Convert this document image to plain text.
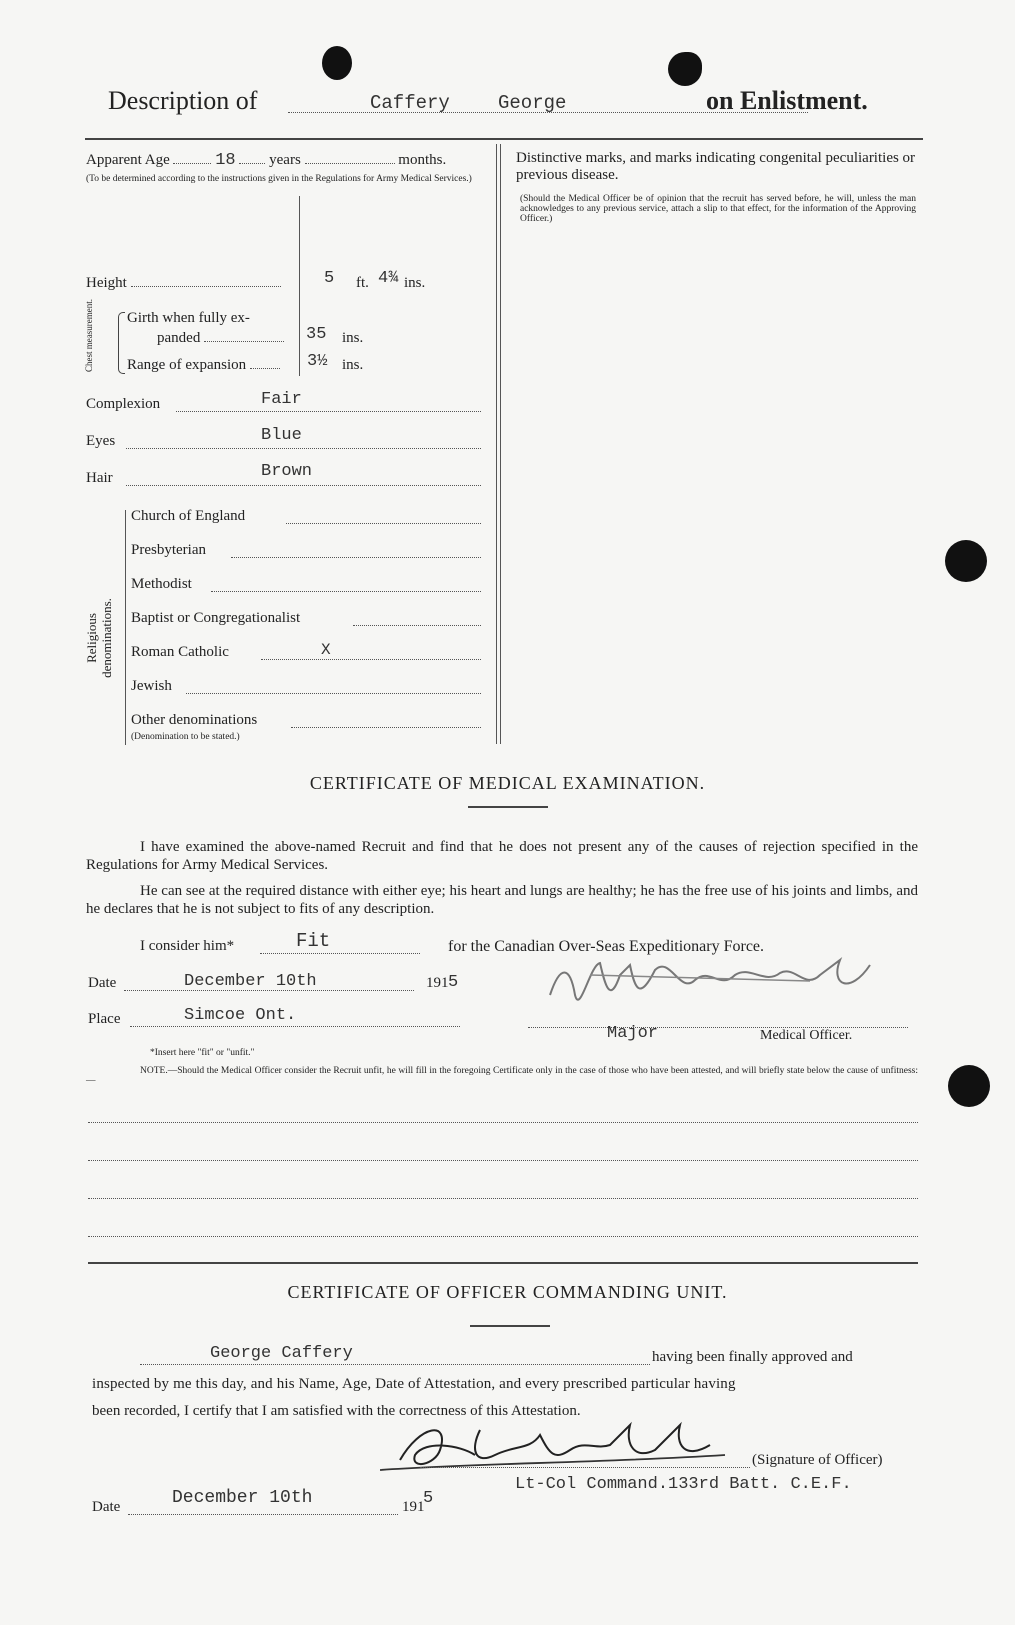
Description of	Caffery	George	on Enlistment.
Apparent Age	18 years	months.
(To be determined according to the instructions given in the Regulations for Army Medical Services.)
Height	5 ft. 4¾ ins.
Chest measurement. Girth when fully ex-
panded	35 ins.
Range of expansion	3½ ins.
Complexion	Fair
Eyes	Blue
Hair	Brown
Religious denominations.
Church of England
Presbyterian
Methodist
Baptist or Congregationalist
Roman Catholic	X
Jewish
Other denominations
(Denomination to be stated.)
Distinctive marks, and marks indicating congenital peculiarities or previous disease.
(Should the Medical Officer be of opinion that the recruit has served before, he will, unless the man acknowledges to any previous service, attach a slip to that effect, for the information of the Approving Officer.)
CERTIFICATE OF MEDICAL EXAMINATION.
I have examined the above-named Recruit and find that he does not present any of the causes of rejection specified in the Regulations for Army Medical Services.
He can see at the required distance with either eye; his heart and lungs are healthy; he has the free use of his joints and limbs, and he declares that he is not subject to fits of any description.
I consider him*	Fit	for the Canadian Over-Seas Expeditionary Force.
Date	December 10th	191 5
Place	Simcoe Ont.
Major	Medical Officer.
*Insert here "fit" or "unfit."
NOTE.—Should the Medical Officer consider the Recruit unfit, he will fill in the foregoing Certificate only in the case of those who have been attested, and will briefly state below the cause of unfitness:—
CERTIFICATE OF OFFICER COMMANDING UNIT.
George Caffery	having been finally approved and
inspected by me this day, and his Name, Age, Date of Attestation, and every prescribed particular having
been recorded, I certify that I am satisfied with the correctness of this Attestation.
(Signature of Officer)
Lt-Col Command.133rd Batt. C.E.F.
Date	December 10th	191
5
